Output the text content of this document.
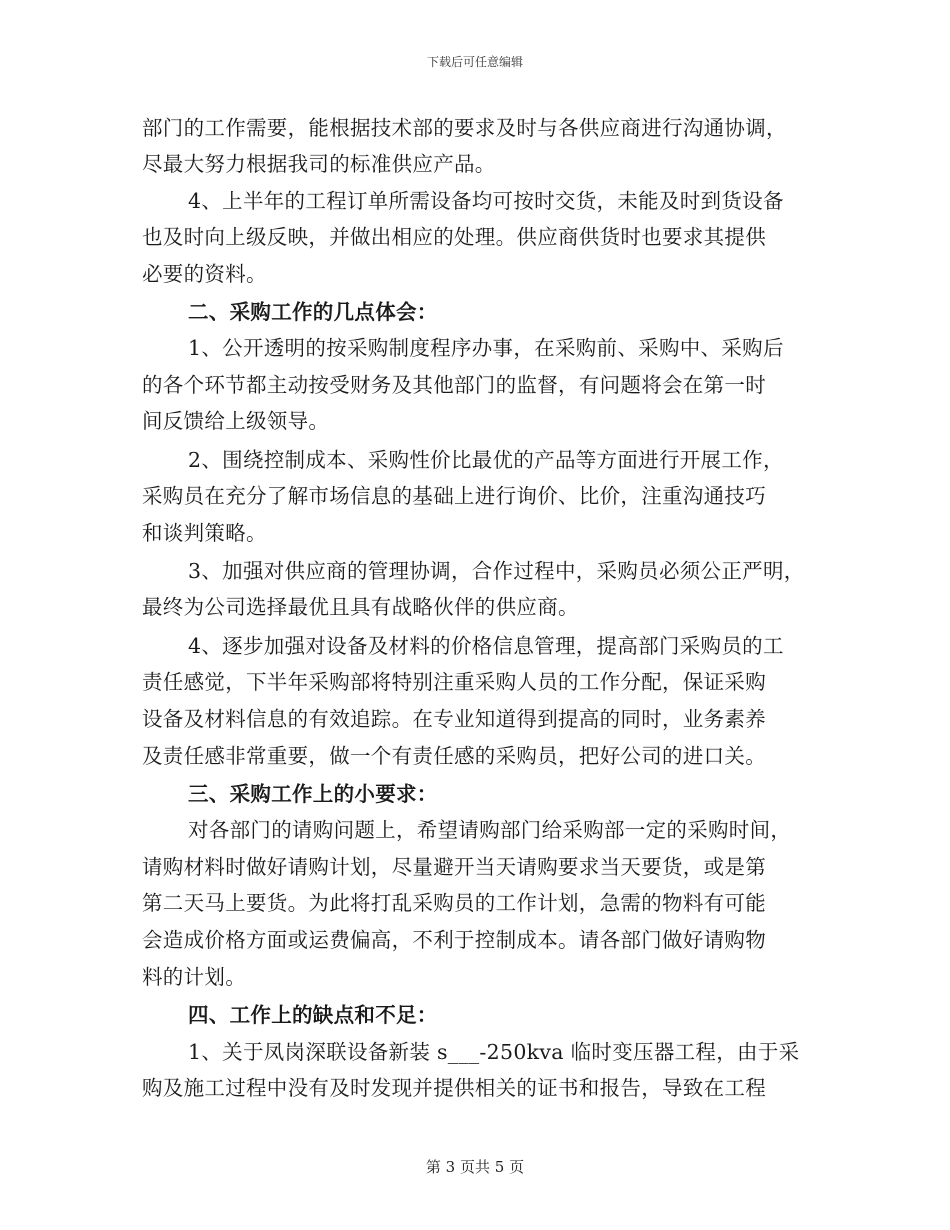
下载后可任意编辑
部门的工作需要，能根据技术部的要求及时与各供应商进行沟通协调，
尽最大努力根据我司的标准供应产品。
4、上半年的工程订单所需设备均可按时交货，未能及时到货设备
也及时向上级反映，并做出相应的处理。供应商供货时也要求其提供
必要的资料。
二、采购工作的几点体会：
1、公开透明的按采购制度程序办事，在采购前、采购中、采购后
的各个环节都主动按受财务及其他部门的监督，有问题将会在第一时
间反馈给上级领导。
2、围绕控制成本、采购性价比最优的产品等方面进行开展工作，
采购员在充分了解市场信息的基础上进行询价、比价，注重沟通技巧
和谈判策略。
3、加强对供应商的管理协调，合作过程中，采购员必须公正严明，
最终为公司选择最优且具有战略伙伴的供应商。
4、逐步加强对设备及材料的价格信息管理，提高部门采购员的工
责任感觉，下半年采购部将特别注重采购人员的工作分配，保证采购
设备及材料信息的有效追踪。在专业知道得到提高的同时，业务素养
及责任感非常重要，做一个有责任感的采购员，把好公司的进口关。
三、采购工作上的小要求：
对各部门的请购问题上，希望请购部门给采购部一定的采购时间，
请购材料时做好请购计划，尽量避开当天请购要求当天要货，或是第
第二天马上要货。为此将打乱采购员的工作计划，急需的物料有可能
会造成价格方面或运费偏高，不利于控制成本。请各部门做好请购物
料的计划。
四、工作上的缺点和不足：
1、关于凤岗深联设备新装 s___-250kva 临时变压器工程，由于采
购及施工过程中没有及时发现并提供相关的证书和报告，导致在工程
第 3 页共 5 页
